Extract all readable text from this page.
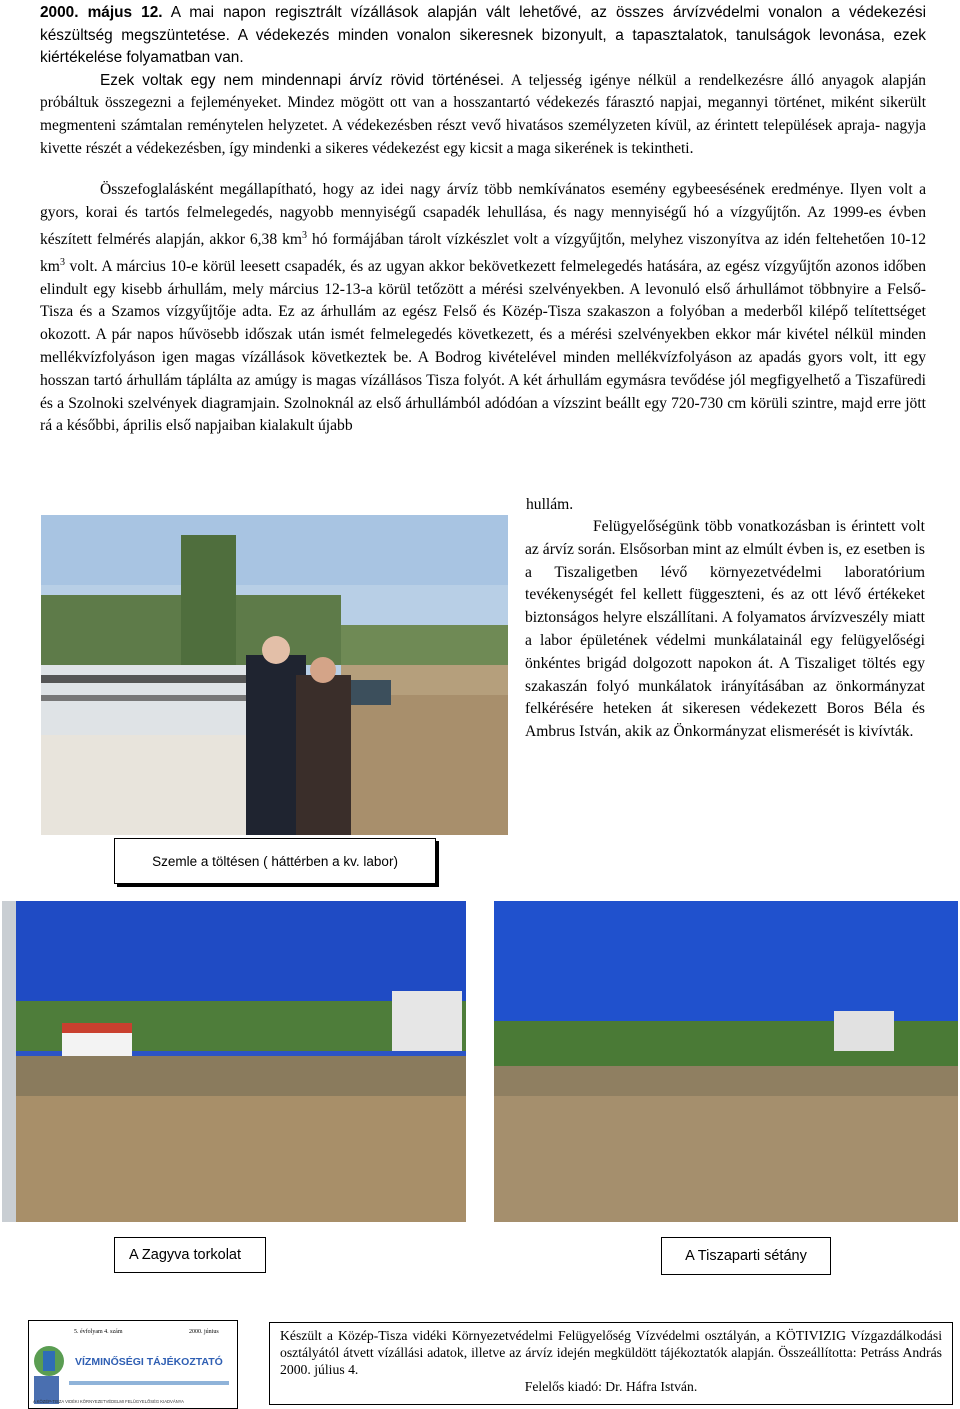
2000. május 12. A mai napon regisztrált vízállások alapján vált lehetővé, az összes árvízvédelmi vonalon a védekezési készültség megszüntetése. A védekezés minden vonalon sikeresnek bizonyult, a tapasztalatok, tanulságok levonása, ezek kiértékelése folyamatban van.
Ezek voltak egy nem mindennapi árvíz rövid történései. A teljesség igénye nélkül a rendelkezésre álló anyagok alapján próbáltuk összegezni a fejleményeket. Mindez mögött ott van a hosszantartó védekezés fárasztó napjai, megannyi történet, miként sikerült megmenteni számtalan reménytelen helyzetet. A védekezésben részt vevő hivatásos személyzeten kívül, az érintett települések apraja- nagyja kivette részét a védekezésben, így mindenki a sikeres védekezést egy kicsit a maga sikerének is tekintheti.
Összefoglalásként megállapítható, hogy az idei nagy árvíz több nemkívánatos esemény egybeesésének eredménye. Ilyen volt a gyors, korai és tartós felmelegedés, nagyobb mennyiségű csapadék lehullása, és nagy mennyiségű hó a vízgyűjtőn. Az 1999-es évben készített felmérés alapján, akkor 6,38 $km^3$ hó formájában tárolt vízkészlet volt a vízgyűjtőn, melyhez viszonyítva az idén feltehetően 10-12 $km^3$ volt. A március 10-e körül leesett csapadék, és az ugyan akkor bekövetkezett felmelegedés hatására, az egész vízgyűjtőn azonos időben elindult egy kisebb árhullám, mely március 12-13-a körül tetőzött a mérési szelvényekben. A levonuló első árhullámot többnyire a Felső-Tisza és a Szamos vízgyűjtője adta. Ez az árhullám az egész Felső és Közép-Tisza szakaszon a folyóban a mederből kilépő telítettséget okozott. A pár napos hűvösebb időszak után ismét felmelegedés következett, és a mérési szelvényekben ekkor már kivétel nélkül minden mellékvízfolyáson igen magas vízállások következtek be. A Bodrog kivételével minden mellékvízfolyáson az apadás gyors volt, itt egy hosszan tartó árhullám táplálta az amúgy is magas vízállásos Tisza folyót. A két árhullám egymásra tevődése jól megfigyelhető a Tiszafüredi és a Szolnoki szelvények diagramjain. Szolnoknál az első árhullámból adódóan a vízszint beállt egy 720-730 cm körüli szintre, majd erre jött rá a későbbi, április első napjaiban kialakult újabb
hullám.
Szemle a töltésen ( háttérben a kv. labor)
Felügyelőségünk több vonatkozásban is érintett volt az árvíz során. Elsősorban mint az elmúlt évben is, ez esetben is a Tiszaligetben lévő környezetvédelmi laboratórium tevékenységét fel kellett függeszteni, és az ott lévő értékeket biztonságos helyre elszállítani. A folyamatos árvízveszély miatt a labor épületének védelmi munkálatainál egy felügyelőségi önkéntes brigád dolgozott napokon át. A Tiszaliget töltés egy szakaszán folyó munkálatok irányításában az önkormányzat felkérésére heteken át sikeresen védekezett Boros Béla és Ambrus István, akik az Önkormányzat elismerését is kivívták.
A Zagyva torkolat	A Tiszaparti sétány
5. évfolyam 4. szám	2000. június
VÍZMINŐSÉGI TÁJÉKOZTATÓ
A KÖZÉP-TISZA VIDÉKI KÖRNYEZETVÉDELMI FELÜGYELŐSÉG KIADVÁNYA
Készült a Közép-Tisza vidéki Környezetvédelmi Felügyelőség Vízvédelmi osztályán, a KÖTIVIZIG Vízgazdálkodási osztályától átvett vízállási adatok, illetve az árvíz idején megküldött tájékoztatók alapján. Összeállította: Petráss András 2000. július 4.
Felelős kiadó: Dr. Háfra István.
